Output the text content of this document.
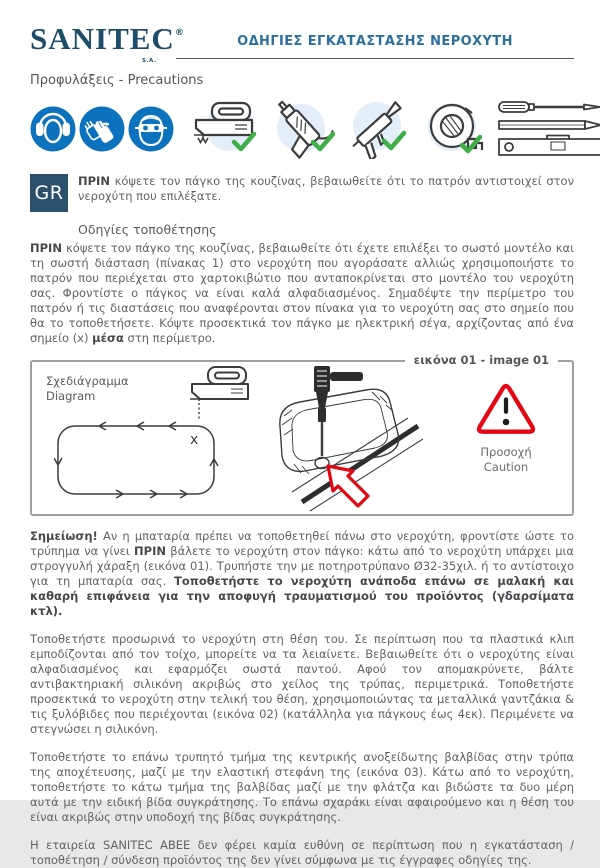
SANITEC®
S.A.
ΟΔΗΓΙΕΣ ΕΓΚΑΤΑΣΤΑΣΗΣ ΝΕΡΟΧΥΤΗ
Προφυλάξεις - Precautions
GR
ΠΡΙΝ κόψετε τον πάγκο της κουζίνας, βεβαιωθείτε ότι το πατρόν αντιστοιχεί στον νεροχύτη που επιλέξατε.
Οδηγίες τοποθέτησης

ΠΡΙΝ κόψετε τον πάγκο της κουζίνας, βεβαιωθείτε ότι έχετε επιλέξει το σωστό μοντέλο και τη σωστή διάσταση (πίνακας 1) στο νεροχύτη που αγοράσατε αλλιώς χρησιμοποιήστε το πατρόν που περιέχεται στο χαρτοκιβώτιο που ανταποκρίνεται στο μοντέλο του νεροχύτη σας. Φροντίστε ο πάγκος να είναι καλά αλφαδιασμένος. Σημαδέψτε την περίμετρο του πατρόν ή τις διαστάσεις που αναφέρονται στον πίνακα για το νεροχύτη σας στο σημείο που θα το τοποθετήσετε. Κόψτε προσεκτικά τον πάγκο με ηλεκτρική σέγα, αρχίζοντας από ένα σημείο (x) μέσα στη περίμετρο.

εικόνα 01 - image 01
Σχεδιάγραμμα
Diagram
x
Προσοχή
Caution

Σημείωση! Αν η μπαταρία πρέπει να τοποθετηθεί πάνω στο νεροχύτη, φροντίστε ώστε το τρύπημα να γίνει ΠΡΙΝ βάλετε το νεροχύτη στον πάγκο: κάτω από το νεροχύτη υπάρχει μια στρογγυλή χάραξη (εικόνα 01). Τρυπήστε την με ποτηροτρύπανο Ø32-35χιλ. ή το αντίστοιχο για τη μπαταρία σας. Τοποθετήστε το νεροχύτη ανάποδα επάνω σε μαλακή και καθαρή επιφάνεια για την αποφυγή τραυματισμού του προϊόντος (γδαρσίματα κτλ).

Τοποθετήστε προσωρινά το νεροχύτη στη θέση του. Σε περίπτωση που τα πλαστικά κλιπ εμποδίζονται από τον τοίχο, μπορείτε να τα λειαίνετε. Βεβαιωθείτε ότι ο νεροχύτης είναι αλφαδιασμένος και εφαρμόζει σωστά παντού. Αφού τον απομακρύνετε, βάλτε αντιβακτηριακή σιλικόνη ακριβώς στο χείλος της τρύπας, περιμετρικά. Τοποθετήστε προσεκτικά το νεροχύτη στην τελική του θέση, χρησιμοποιώντας τα μεταλλικά γαντζάκια & τις ξυλόβιδες που περιέχονται (εικόνα 02) (κατάλληλα για πάγκους έως 4εκ). Περιμένετε να στεγνώσει η σιλικόνη.

Τοποθετήστε το επάνω τρυπητό τμήμα της κεντρικής ανοξείδωτης βαλβίδας στην τρύπα της αποχέτευσης, μαζί με την ελαστική στεφάνη της (εικόνα 03). Κάτω από το νεροχύτη, τοποθετήστε το κάτω τμήμα της βαλβίδας μαζί με την φλάτζα και βιδώστε τα δυο μέρη αυτά με την ειδική βίδα συγκράτησης. Το επάνω σχαράκι είναι αφαιρούμενο και η θέση του είναι ακριβώς στην υποδοχή της βίδας συγκράτησης.

Η εταιρεία SANITEC ΑΒΕΕ δεν φέρει καμία ευθύνη σε περίπτωση που η εγκατάσταση / τοποθέτηση / σύνδεση προϊόντος της δεν γίνει σύμφωνα με τις έγγραφες οδηγίες της.
